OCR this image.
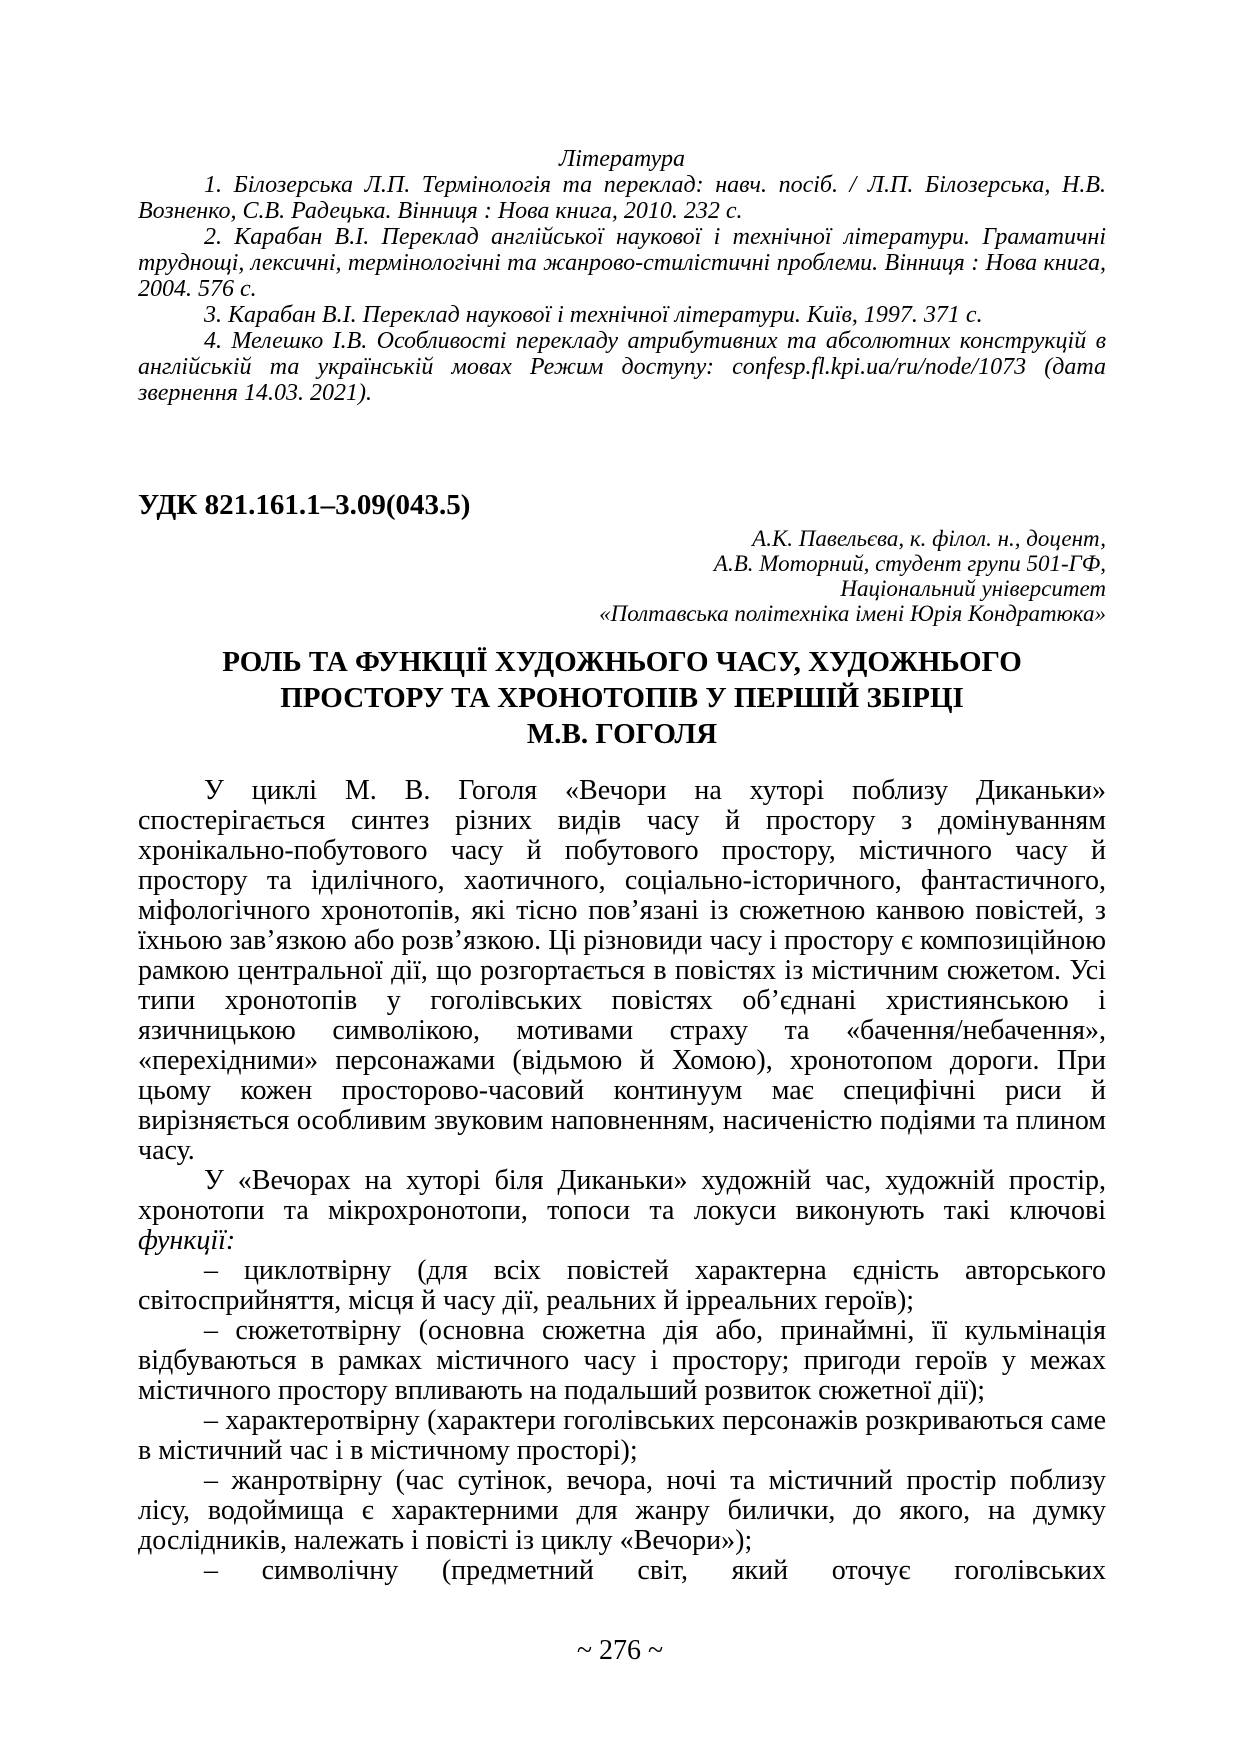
Література

1. Білозерська Л.П. Термінологія та переклад: навч. посіб. / Л.П. Білозерська, Н.В. Возненко, С.В. Радецька. Вінниця : Нова книга, 2010. 232 с.

2. Карабан В.І. Переклад англійської наукової і технічної літератури. Граматичні труднощі, лексичні, термінологічні та жанрово-стилістичні проблеми. Вінниця : Нова книга, 2004. 576 с.

3. Карабан В.І. Переклад наукової і технічної літератури. Київ, 1997. 371 с.

4. Мелешко І.В. Особливості перекладу атрибутивних та абсолютних конструкцій в англійській та українській мовах Режим доступу: confesp.fl.kpi.ua/ru/node/1073 (дата звернення 14.03. 2021).

УДК 821.161.1–3.09(043.5)
А.К. Павельєва, к. філол. н., доцент,
А.В. Моторний, студент групи 501-ГФ,
Національний університет
«Полтавська політехніка імені Юрія Кондратюка»
РОЛЬ ТА ФУНКЦІЇ ХУДОЖНЬОГО ЧАСУ, ХУДОЖНЬОГО
ПРОСТОРУ ТА ХРОНОТОПІВ У ПЕРШІЙ ЗБІРЦІ
М.В. ГОГОЛЯ

У циклі М. В. Гоголя «Вечори на хуторі поблизу Диканьки» спостерігається синтез різних видів часу й простору з домінуванням хронікально-побутового часу й побутового простору, містичного часу й простору та ідилічного, хаотичного, соціально-історичного, фантастичного, міфологічного хронотопів, які тісно пов’язані із сюжетною канвою повістей, з їхньою зав’язкою або розв’язкою. Ці різновиди часу і простору є композиційною рамкою центральної дії, що розгортається в повістях із містичним сюжетом. Усі типи хронотопів у гоголівських повістях об’єднані християнською і язичницькою символікою, мотивами страху та «бачення/небачення», «перехідними» персонажами (відьмою й Хомою), хронотопом дороги. При цьому кожен просторово-часовий континуум має специфічні риси й вирізняється особливим звуковим наповненням, насиченістю подіями та плином часу.

У «Вечорах на хуторі біля Диканьки» художній час, художній простір, хронотопи та мікрохронотопи, топоси та локуси виконують такі ключові функції:

– циклотвірну (для всіх повістей характерна єдність авторського світосприйняття, місця й часу дії, реальних й ірреальних героїв);

– сюжетотвірну (основна сюжетна дія або, принаймні, її кульмінація відбуваються в рамках містичного часу і простору; пригоди героїв у межах містичного простору впливають на подальший розвиток сюжетної дії);

– характеротвірну (характери гоголівських персонажів розкриваються саме в містичний час і в містичному просторі);

– жанротвірну (час сутінок, вечора, ночі та містичний простір поблизу лісу, водоймища є характерними для жанру билички, до якого, на думку дослідників, належать і повісті із циклу «Вечори»);

– символічну (предметний світ, який оточує гоголівських

~ 276 ~
